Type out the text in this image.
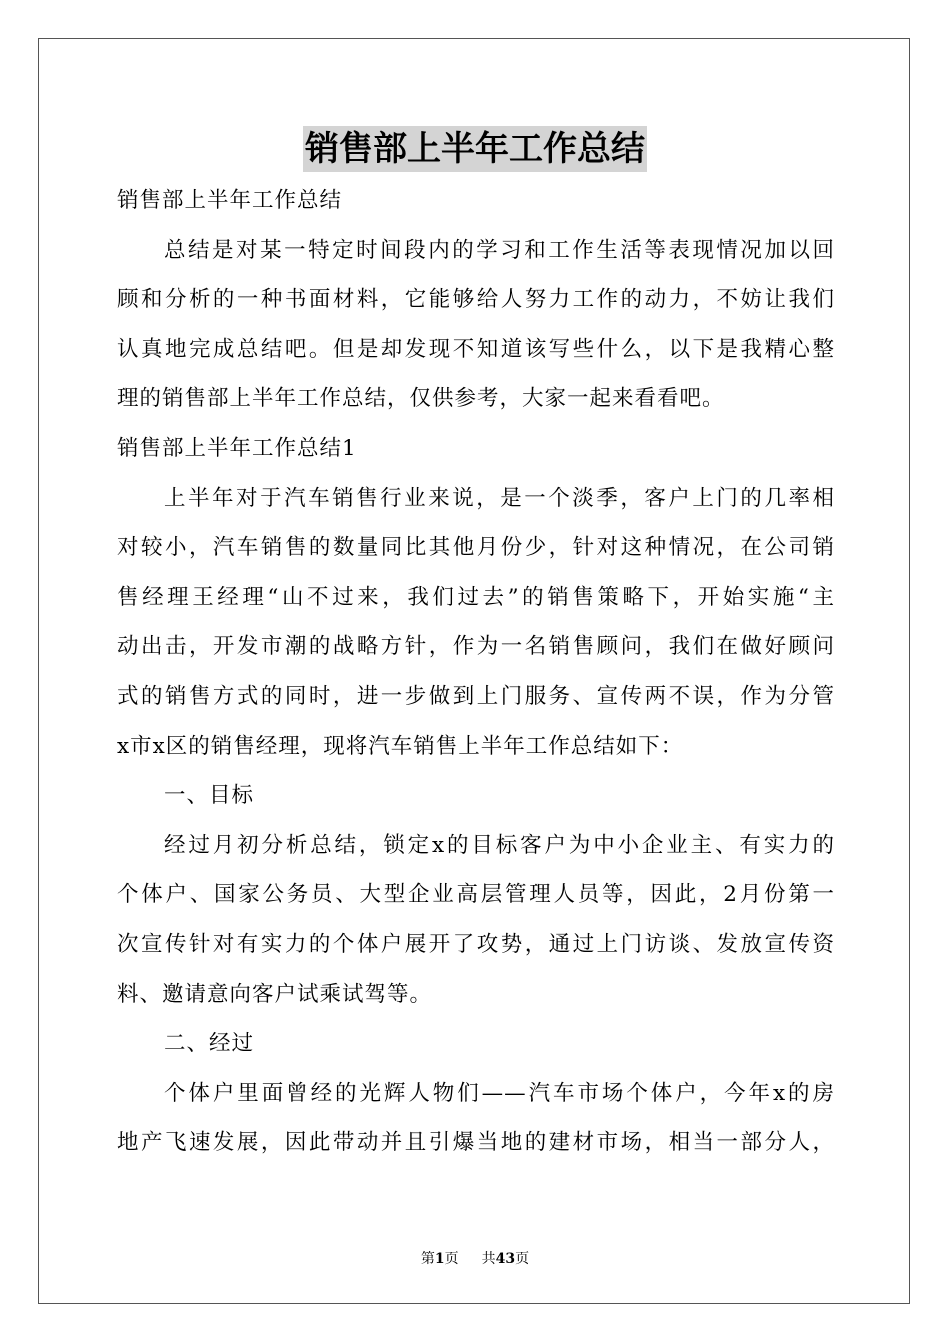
销售部上半年工作总结
销售部上半年工作总结
总结是对某一特定时间段内的学习和工作生活等表现情况加以回
顾和分析的一种书面材料，它能够给人努力工作的动力，不妨让我们
认真地完成总结吧。但是却发现不知道该写些什么，以下是我精心整
理的销售部上半年工作总结，仅供参考，大家一起来看看吧。
销售部上半年工作总结1
上半年对于汽车销售行业来说，是一个淡季，客户上门的几率相
对较小，汽车销售的数量同比其他月份少，针对这种情况，在公司销
售经理王经理“山不过来，我们过去”的销售策略下，开始实施“主
动出击，开发市潮的战略方针，作为一名销售顾问，我们在做好顾问
式的销售方式的同时，进一步做到上门服务、宣传两不误，作为分管
x市x区的销售经理，现将汽车销售上半年工作总结如下：
一、目标
经过月初分析总结，锁定x的目标客户为中小企业主、有实力的
个体户、国家公务员、大型企业高层管理人员等，因此，2月份第一
次宣传针对有实力的个体户展开了攻势，通过上门访谈、发放宣传资
料、邀请意向客户试乘试驾等。
二、经过
个体户里面曾经的光辉人物们——汽车市场个体户，今年x的房
地产飞速发展，因此带动并且引爆当地的建材市场，相当一部分人，
第1页 共43页
